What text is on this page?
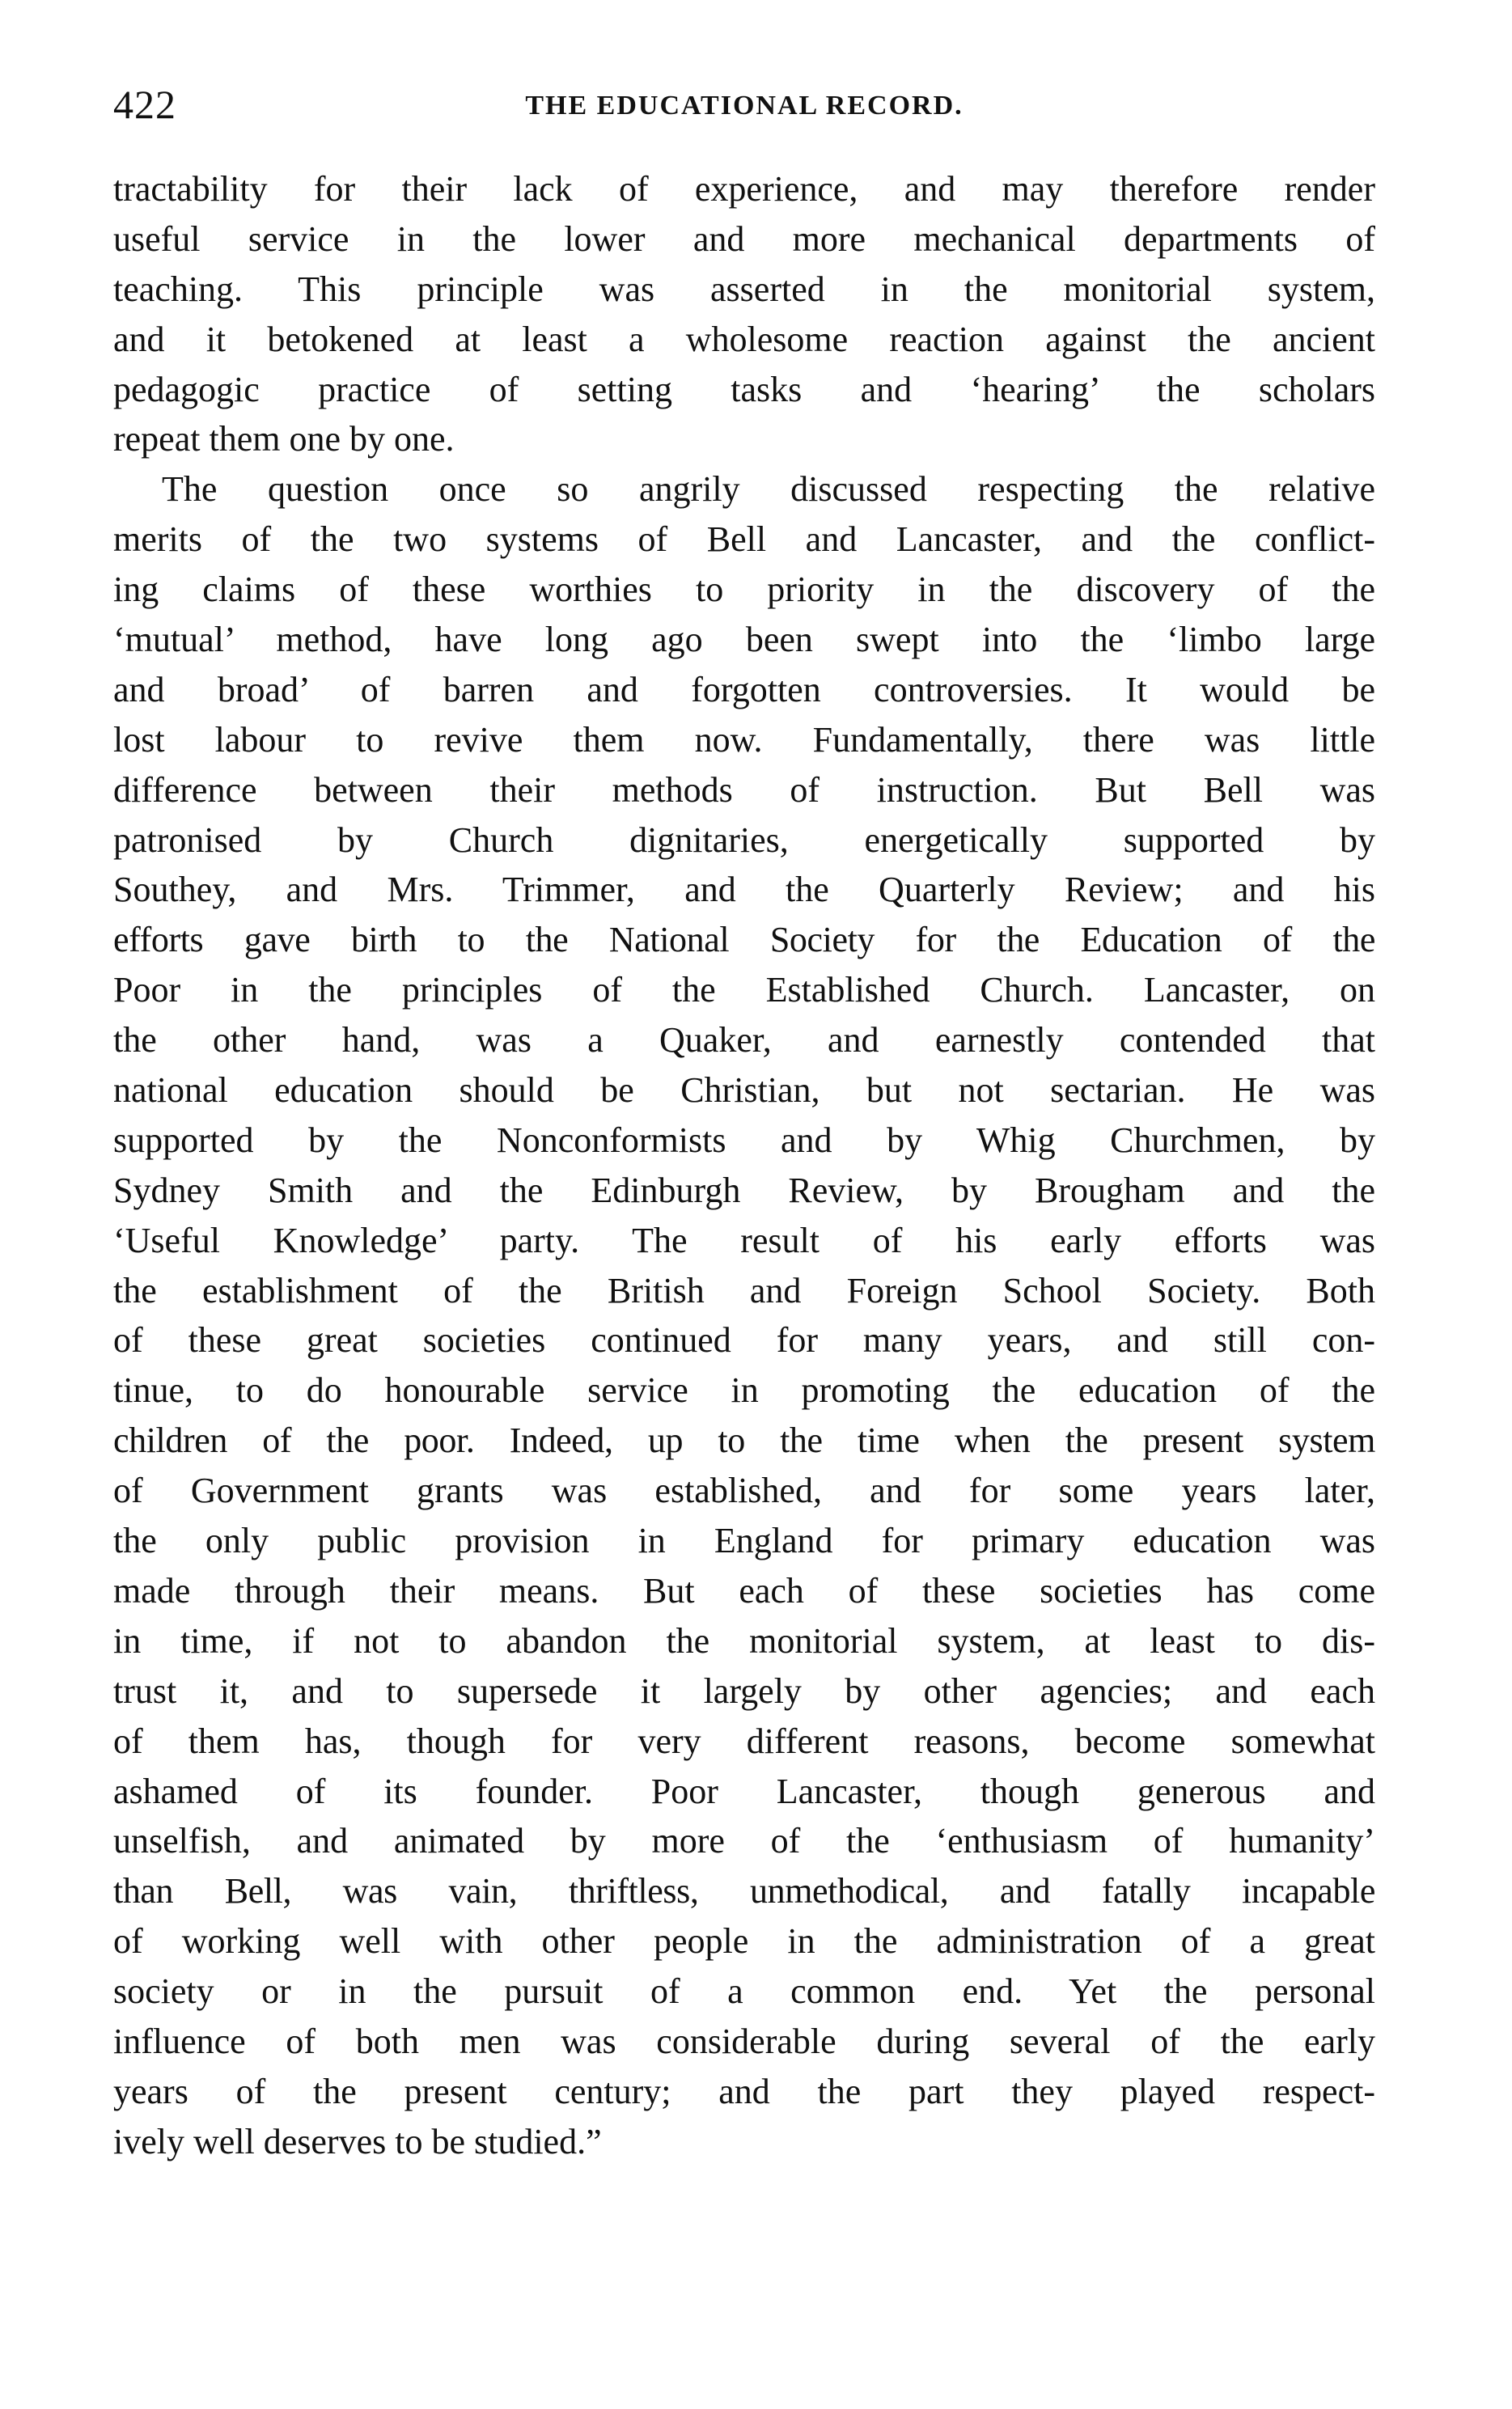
422	THE EDUCATIONAL RECORD.
tractability for their lack of experience, and may therefore render
useful service in the lower and more mechanical departments of
teaching. This principle was asserted in the monitorial system,
and it betokened at least a wholesome reaction against the ancient
pedagogic practice of setting tasks and ‘hearing’ the scholars
repeat them one by one.
The question once so angrily discussed respecting the relative
merits of the two systems of Bell and Lancaster, and the conflict-
ing claims of these worthies to priority in the discovery of the
‘mutual’ method, have long ago been swept into the ‘limbo large
and broad’ of barren and forgotten controversies. It would be
lost labour to revive them now. Fundamentally, there was little
difference between their methods of instruction. But Bell was
patronised by Church dignitaries, energetically supported by
Southey, and Mrs. Trimmer, and the Quarterly Review; and his
efforts gave birth to the National Society for the Education of the
Poor in the principles of the Established Church. Lancaster, on
the other hand, was a Quaker, and earnestly contended that
national education should be Christian, but not sectarian. He was
supported by the Nonconformists and by Whig Churchmen, by
Sydney Smith and the Edinburgh Review, by Brougham and the
‘Useful Knowledge’ party. The result of his early efforts was
the establishment of the British and Foreign School Society. Both
of these great societies continued for many years, and still con-
tinue, to do honourable service in promoting the education of the
children of the poor. Indeed, up to the time when the present system
of Government grants was established, and for some years later,
the only public provision in England for primary education was
made through their means. But each of these societies has come
in time, if not to abandon the monitorial system, at least to dis-
trust it, and to supersede it largely by other agencies; and each
of them has, though for very different reasons, become somewhat
ashamed of its founder. Poor Lancaster, though generous and
unselfish, and animated by more of the ‘enthusiasm of humanity’
than Bell, was vain, thriftless, unmethodical, and fatally incapable
of working well with other people in the administration of a great
society or in the pursuit of a common end. Yet the personal
influence of both men was considerable during several of the early
years of the present century; and the part they played respect-
ively well deserves to be studied.”
